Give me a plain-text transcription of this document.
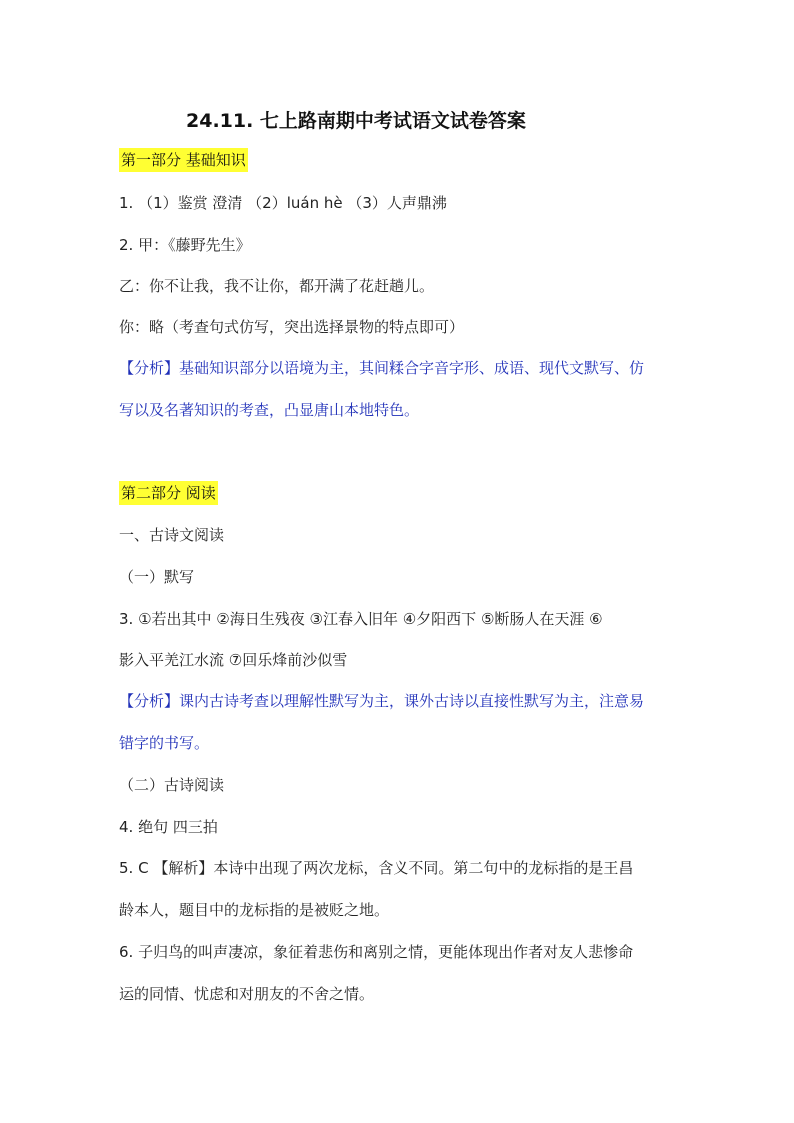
24.11. 七上路南期中考试语文试卷答案
第一部分 基础知识
1. （1）鉴赏 澄清 （2）luán hè （3）人声鼎沸
2. 甲：《藤野先生》
乙：你不让我，我不让你，都开满了花赶趟儿。
你：略（考查句式仿写，突出选择景物的特点即可）
【分析】基础知识部分以语境为主，其间糅合字音字形、成语、现代文默写、仿
写以及名著知识的考查，凸显唐山本地特色。
第二部分 阅读
一、古诗文阅读
（一）默写
3. ①若出其中 ②海日生残夜 ③江春入旧年 ④夕阳西下 ⑤断肠人在天涯 ⑥
影入平羌江水流 ⑦回乐烽前沙似雪
【分析】课内古诗考查以理解性默写为主，课外古诗以直接性默写为主，注意易
错字的书写。
（二）古诗阅读
4. 绝句 四三拍
5. C 【解析】本诗中出现了两次龙标，含义不同。第二句中的龙标指的是王昌
龄本人，题目中的龙标指的是被贬之地。
6. 子归鸟的叫声凄凉，象征着悲伤和离别之情，更能体现出作者对友人悲惨命
运的同情、忧虑和对朋友的不舍之情。
